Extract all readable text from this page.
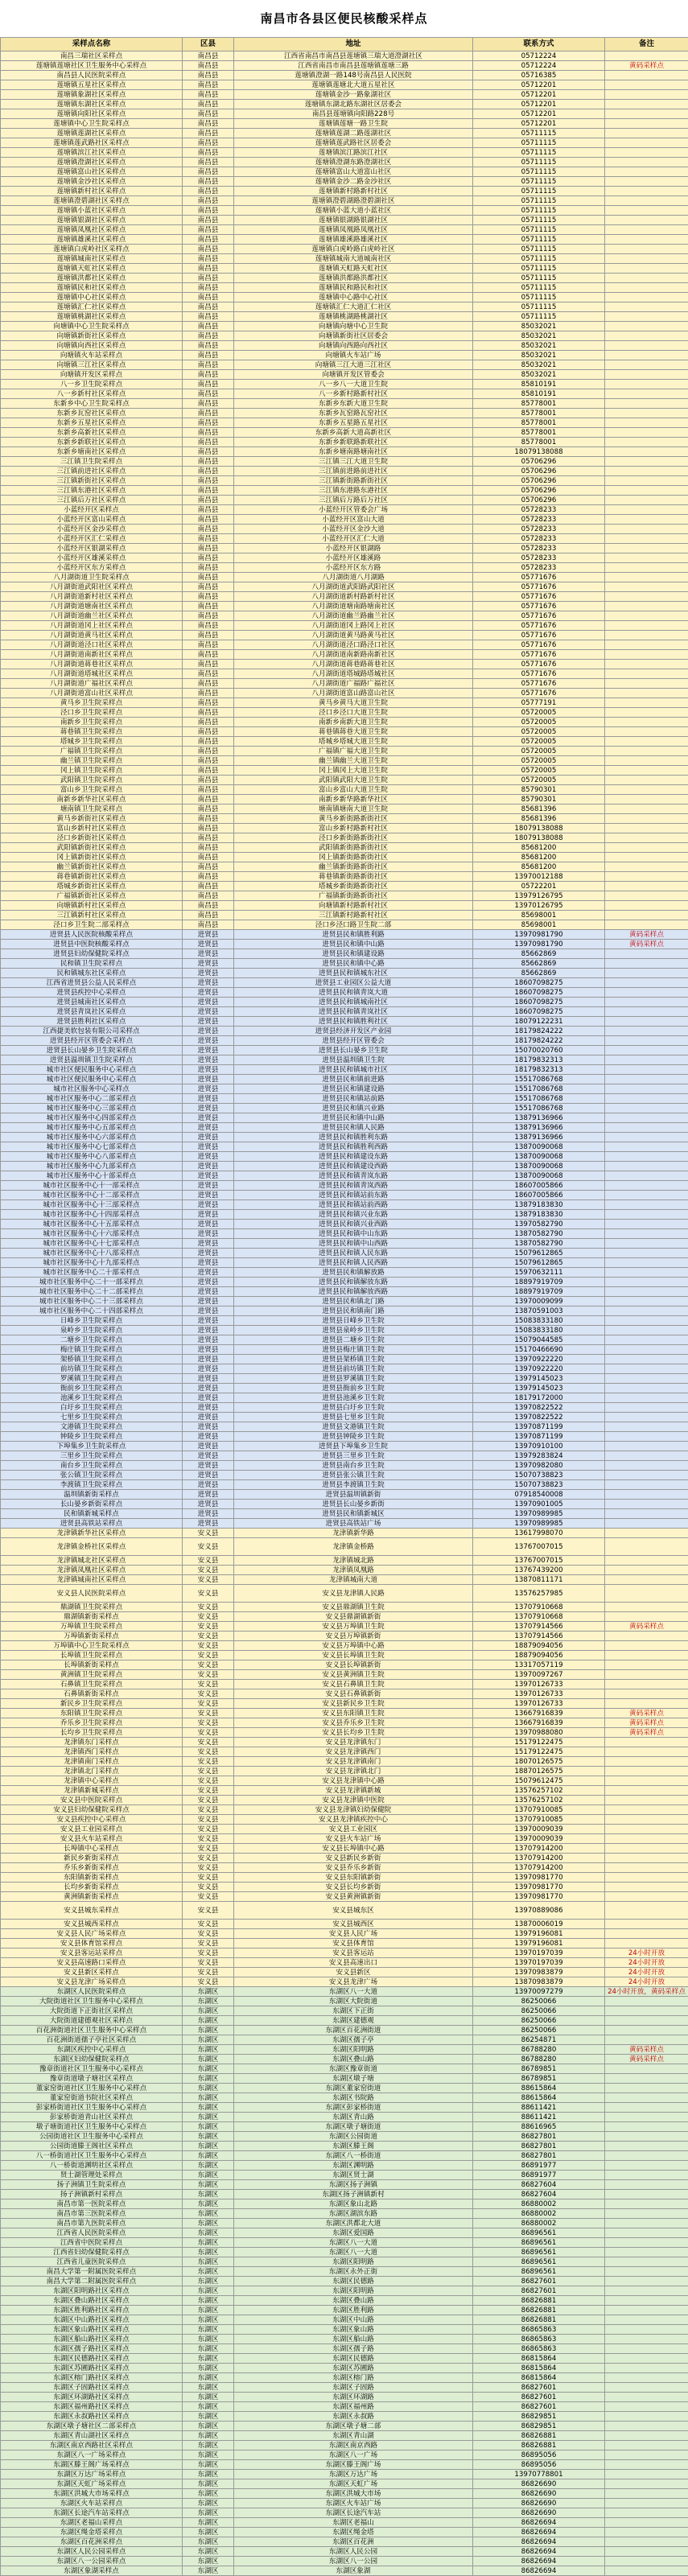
南昌市各县区便民核酸采样点
采样点名称	区县	地址	联系方式	备注
南昌三瑞社区采样点	南昌县	江西省南昌市南昌县莲塘镇三瑞大道澄湖社区	05712224	
莲塘镇莲塘社区卫生服务中心采样点	南昌县	江西省南昌市南昌县莲塘镇莲塘三路	05712224	黄码采样点
南昌县人民医院采样点	南昌县	莲塘镇澄湖一路148号南昌县人民医院	05716385	
莲塘镇五星社区采样点	南昌县	莲塘镇莲塘北大道五星社区	05712201	
莲塘镇象湖社区采样点	南昌县	莲塘镇金沙一路象湖社区	05712201	
莲塘镇东湖社区采样点	南昌县	莲塘镇东湖北路东湖社区居委会	05712201	
莲塘镇向阳社区采样点	南昌县	南昌县莲塘镇向阳路228号	05712201	
莲塘镇中心卫生院采样点	南昌县	莲塘镇莲塘一路卫生院	05712201	
莲塘镇莲湖社区采样点	南昌县	莲塘镇莲湖二路莲湖社区	05711115	
莲塘镇莲武路社区采样点	南昌县	莲塘镇莲武路社区居委会	05711115	
莲塘镇滨江社区采样点	南昌县	莲塘镇滨江路滨江社区	05711115	
莲塘镇澄湖社区采样点	南昌县	莲塘镇澄湖东路澄湖社区	05711115	
莲塘镇富山社区采样点	南昌县	莲塘镇富山大道富山社区	05711115	
莲塘镇金沙社区采样点	南昌县	莲塘镇金沙二路金沙社区	05711115	
莲塘镇新村社区采样点	南昌县	莲塘镇新村路新村社区	05711115	
莲塘镇澄碧湖社区采样点	南昌县	莲塘镇澄碧湖路澄碧湖社区	05711115	
莲塘镇小蓝社区采样点	南昌县	莲塘镇小蓝大道小蓝社区	05711115	
莲塘镇银湖社区采样点	南昌县	莲塘镇银湖路银湖社区	05711115	
莲塘镇凤凰社区采样点	南昌县	莲塘镇凤凰路凤凰社区	05711115	
莲塘镇雄溪社区采样点	南昌县	莲塘镇雄溪路雄溪社区	05711115	
莲塘镇白虎岭社区采样点	南昌县	莲塘镇白虎岭路白虎岭社区	05711115	
莲塘镇城南社区采样点	南昌县	莲塘镇城南大道城南社区	05711115	
莲塘镇天虹社区采样点	南昌县	莲塘镇天虹路天虹社区	05711115	
莲塘镇洪都社区采样点	南昌县	莲塘镇洪都路洪都社区	05711115	
莲塘镇民和社区采样点	南昌县	莲塘镇民和路民和社区	05711115	
莲塘镇中心社区采样点	南昌县	莲塘镇中心路中心社区	05711115	
莲塘镇汇仁社区采样点	南昌县	莲塘镇汇仁大道汇仁社区	05711115	
莲塘镇桃湖社区采样点	南昌县	莲塘镇桃湖路桃湖社区	05711115	
向塘镇中心卫生院采样点	南昌县	向塘镇向塘中心卫生院	85032021	
向塘镇新街社区采样点	南昌县	向塘镇新街社区居委会	85032021	
向塘镇向西社区采样点	南昌县	向塘镇向西路向西社区	85032021	
向塘镇火车站采样点	南昌县	向塘镇火车站广场	85032021	
向塘镇三江社区采样点	南昌县	向塘镇三江大道三江社区	85032021	
向塘镇开发区采样点	南昌县	向塘镇开发区管委会	85032021	
八一乡卫生院采样点	南昌县	八一乡八一大道卫生院	85810191	
八一乡新村社区采样点	南昌县	八一乡新村路新村社区	85810191	
东新乡中心卫生院采样点	南昌县	东新乡东新大道卫生院	85778001	
东新乡瓦窑社区采样点	南昌县	东新乡瓦窑路瓦窑社区	85778001	
东新乡五星社区采样点	南昌县	东新乡五星路五星社区	85778001	
东新乡高新社区采样点	南昌县	东新乡高新大道高新社区	85778001	
东新乡新联社区采样点	南昌县	东新乡新联路新联社区	85778001	
东新乡塘南社区采样点	南昌县	东新乡塘南路塘南社区	18079138088	
三江镇卫生院采样点	南昌县	三江镇三江大道卫生院	05706296	
三江镇前进社区采样点	南昌县	三江镇前进路前进社区	05706296	
三江镇新街社区采样点	南昌县	三江镇新街路新街社区	05706296	
三江镇东港社区采样点	南昌县	三江镇东港路东港社区	05706296	
三江镇后万社区采样点	南昌县	三江镇后万路后万社区	05706296	
小蓝经开区采样点	南昌县	小蓝经开区管委会广场	05728233	
小蓝经开区富山采样点	南昌县	小蓝经开区富山大道	05728233	
小蓝经开区金沙采样点	南昌县	小蓝经开区金沙大道	05728233	
小蓝经开区汇仁采样点	南昌县	小蓝经开区汇仁大道	05728233	
小蓝经开区银湖采样点	南昌县	小蓝经开区银湖路	05728233	
小蓝经开区雄溪采样点	南昌县	小蓝经开区雄溪路	05728233	
小蓝经开区东方采样点	南昌县	小蓝经开区东方路	05728233	
八月湖街道卫生院采样点	南昌县	八月湖街道八月湖路	05771676	
八月湖街道武阳社区采样点	南昌县	八月湖街道武阳路武阳社区	05771676	
八月湖街道新村社区采样点	南昌县	八月湖街道新村路新村社区	05771676	
八月湖街道塘南社区采样点	南昌县	八月湖街道塘南路塘南社区	05771676	
八月湖街道幽兰社区采样点	南昌县	八月湖街道幽兰路幽兰社区	05771676	
八月湖街道冈上社区采样点	南昌县	八月湖街道冈上路冈上社区	05771676	
八月湖街道黄马社区采样点	南昌县	八月湖街道黄马路黄马社区	05771676	
八月湖街道泾口社区采样点	南昌县	八月湖街道泾口路泾口社区	05771676	
八月湖街道南新社区采样点	南昌县	八月湖街道南新路南新社区	05771676	
八月湖街道蒋巷社区采样点	南昌县	八月湖街道蒋巷路蒋巷社区	05771676	
八月湖街道塔城社区采样点	南昌县	八月湖街道塔城路塔城社区	05771676	
八月湖街道广福社区采样点	南昌县	八月湖街道广福路广福社区	05771676	
八月湖街道富山社区采样点	南昌县	八月湖街道富山路富山社区	05771676	
黄马乡卫生院采样点	南昌县	黄马乡黄马大道卫生院	05777191	
泾口乡卫生院采样点	南昌县	泾口乡泾口大道卫生院	05720005	
南新乡卫生院采样点	南昌县	南新乡南新大道卫生院	05720005	
蒋巷镇卫生院采样点	南昌县	蒋巷镇蒋巷大道卫生院	05720005	
塔城乡卫生院采样点	南昌县	塔城乡塔城大道卫生院	05720005	
广福镇卫生院采样点	南昌县	广福镇广福大道卫生院	05720005	
幽兰镇卫生院采样点	南昌县	幽兰镇幽兰大道卫生院	05720005	
冈上镇卫生院采样点	南昌县	冈上镇冈上大道卫生院	05720005	
武阳镇卫生院采样点	南昌县	武阳镇武阳大道卫生院	05720005	
富山乡卫生院采样点	南昌县	富山乡富山大道卫生院	85790301	
南新乡新华社区采样点	南昌县	南新乡新华路新华社区	85790301	
塘南镇卫生院采样点	南昌县	塘南镇塘南大道卫生院	85681396	
黄马乡新街社区采样点	南昌县	黄马乡新街路新街社区	85681396	
富山乡新村社区采样点	南昌县	富山乡新村路新村社区	18079138088	
泾口乡新街社区采样点	南昌县	泾口乡新街路新街社区	18079138088	
武阳镇新街社区采样点	南昌县	武阳镇新街路新街社区	85681200	
冈上镇新街社区采样点	南昌县	冈上镇新街路新街社区	85681200	
幽兰镇新街社区采样点	南昌县	幽兰镇新街路新街社区	85681200	
蒋巷镇新街社区采样点	南昌县	蒋巷镇新街路新街社区	13970012188	
塔城乡新街社区采样点	南昌县	塔城乡新街路新街社区	05722201	
广福镇新街社区采样点	南昌县	广福镇新街路新街社区	13979126795	
向塘镇新村社区采样点	南昌县	向塘镇新村路新村社区	13970126795	
三江镇新村社区采样点	南昌县	三江镇新村路新村社区	85698001	
泾口乡卫生院二部采样点	南昌县	泾口乡泾口路卫生院二部	85698001	
进贤县人民医院核酸采样点	进贤县	进贤县民和镇胜利路	13970981790	黄码采样点
进贤县中医院核酸采样点	进贤县	进贤县民和镇中山路	13970981790	黄码采样点
进贤县妇幼保健院采样点	进贤县	进贤县民和镇建设路	85662869	
民和镇卫生院采样点	进贤县	进贤县民和镇中心路	85662869	
民和镇城东社区采样点	进贤县	进贤县民和镇城东社区	85662869	
江西省进贤县公益人民采样点	进贤县	进贤县工业园区公益大道	18607098275	
进贤县疾控中心采样点	进贤县	进贤县民和镇青岚大道	18607098275	
进贤县城南社区采样点	进贤县	进贤县民和镇城南社区	18607098275	
进贤县青岚社区采样点	进贤县	进贤县民和镇青岚社区	18607098275	
进贤县胜利社区采样点	进贤县	进贤县民和镇胜利社区	18079122231	
江西捷美软包装有限公司采样点	进贤县	进贤县经济开发区产业园	18179824222	
进贤县经开区管委会采样点	进贤县	进贤县经开区管委会	18179824222	
进贤县长山晏乡卫生院采样点	进贤县	进贤县长山晏乡卫生院	15070020760	
进贤县温圳镇卫生院采样点	进贤县	进贤县温圳镇卫生院	18179832313	
城市社区便民服务中心采样点	进贤县	进贤县民和镇城市社区	18179832313	
城市社区便民服务中心采样点	进贤县	进贤县民和镇前进路	15517086768	
城市社区服务中心采样点	进贤县	进贤县民和镇建设路	15517086768	
城市社区服务中心二部采样点	进贤县	进贤县民和镇站前路	15517086768	
城市社区服务中心三部采样点	进贤县	进贤县民和镇兴业路	15517086768	
城市社区服务中心四部采样点	进贤县	进贤县民和镇中山路	13879136966	
城市社区服务中心五部采样点	进贤县	进贤县民和镇人民路	13879136966	
城市社区服务中心六部采样点	进贤县	进贤县民和镇胜利东路	13879136966	
城市社区服务中心七部采样点	进贤县	进贤县民和镇胜利西路	13870090068	
城市社区服务中心八部采样点	进贤县	进贤县民和镇建设东路	13870090068	
城市社区服务中心九部采样点	进贤县	进贤县民和镇建设西路	13870090068	
城市社区服务中心十部采样点	进贤县	进贤县民和镇青岚东路	13870090068	
城市社区服务中心十一部采样点	进贤县	进贤县民和镇青岚西路	18607005866	
城市社区服务中心十二部采样点	进贤县	进贤县民和镇站前东路	18607005866	
城市社区服务中心十三部采样点	进贤县	进贤县民和镇站前西路	13879183830	
城市社区服务中心十四部采样点	进贤县	进贤县民和镇兴业东路	13879183830	
城市社区服务中心十五部采样点	进贤县	进贤县民和镇兴业西路	13970582790	
城市社区服务中心十六部采样点	进贤县	进贤县民和镇中山东路	13870582790	
城市社区服务中心十七部采样点	进贤县	进贤县民和镇中山西路	13870582790	
城市社区服务中心十八部采样点	进贤县	进贤县民和镇人民东路	15079612865	
城市社区服务中心十九部采样点	进贤县	进贤县民和镇人民西路	15079612865	
城市社区服务中心二十部采样点	进贤县	进贤县民和镇解放路	15970632111	
城市社区服务中心二十一部采样点	进贤县	进贤县民和镇解放东路	18897919709	
城市社区服务中心二十二部采样点	进贤县	进贤县民和镇解放西路	18897919709	
城市社区服务中心二十三部采样点	进贤县	进贤县民和镇北门路	13970009099	
城市社区服务中心二十四部采样点	进贤县	进贤县民和镇南门路	13870591003	
日峰乡卫生院采样点	进贤县	进贤县日峰乡卫生院	15083833180	
泉岭乡卫生院采样点	进贤县	进贤县泉岭乡卫生院	15083833180	
二塘乡卫生院采样点	进贤县	进贤县二塘乡卫生院	15079044585	
梅庄镇卫生院采样点	进贤县	进贤县梅庄镇卫生院	15170466690	
架桥镇卫生院采样点	进贤县	进贤县架桥镇卫生院	13970922220	
前坊镇卫生院采样点	进贤县	进贤县前坊镇卫生院	13970922220	
罗溪镇卫生院采样点	进贤县	进贤县罗溪镇卫生院	13979145023	
衙前乡卫生院采样点	进贤县	进贤县衙前乡卫生院	13979145023	
池溪乡卫生院采样点	进贤县	进贤县池溪乡卫生院	18179172000	
白圩乡卫生院采样点	进贤县	进贤县白圩乡卫生院	13970822522	
七里乡卫生院采样点	进贤县	进贤县七里乡卫生院	13970822522	
文港镇卫生院采样点	进贤县	进贤县文港镇卫生院	13970871199	
钟陵乡卫生院采样点	进贤县	进贤县钟陵乡卫生院	13970871199	
下埠集乡卫生院采样点	进贤县	进贤县下埠集乡卫生院	13970910100	
三里乡卫生院采样点	进贤县	进贤县三里乡卫生院	13979283824	
南台乡卫生院采样点	进贤县	进贤县南台乡卫生院	13970982080	
张公镇卫生院采样点	进贤县	进贤县张公镇卫生院	15070738823	
李渡镇卫生院采样点	进贤县	进贤县李渡镇卫生院	15070738823	
温圳镇新街采样点	进贤县	进贤县温圳镇新街	07918540008	
长山晏乡新街采样点	进贤县	进贤县长山晏乡新街	13970901005	
民和镇新城采样点	进贤县	进贤县民和镇新城区	13970989985	
进贤县高铁站采样点	进贤县	进贤县高铁站广场	13970989985	
龙津镇新华社区采样点	安义县	龙津镇新华路	13617998070	
龙津镇金桥社区采样点	安义县	龙津镇金桥路	13767007015	
龙津镇城北社区采样点	安义县	龙津镇城北路	13767007015	
龙津镇凤凰社区采样点	安义县	龙津镇凤凰路	13767439200	
龙津镇城南社区采样点	安义县	龙津镇城南大道	13870811171	
安义县人民医院采样点	安义县	安义县龙津镇人民路	13576257985	
鼎湖镇卫生院采样点	安义县	安义县鼎湖镇卫生院	13707910668	
鼎湖镇新街采样点	安义县	安义县鼎湖镇新街	13707910668	
万埠镇卫生院采样点	安义县	安义县万埠镇卫生院	13707914566	黄码采样点
万埠镇新街采样点	安义县	安义县万埠镇新街	13707914566	
万埠镇中心卫生院采样点	安义县	安义县万埠镇中心路	18879094056	
长埠镇卫生院采样点	安义县	安义县长埠镇卫生院	18879094056	
长埠镇新街采样点	安义县	安义县长埠镇新街	13317057119	
黄洲镇卫生院采样点	安义县	安义县黄洲镇卫生院	13970097267	
石鼻镇卫生院采样点	安义县	安义县石鼻镇卫生院	13970126733	
石鼻镇新街采样点	安义县	安义县石鼻镇新街	13970126733	
新民乡卫生院采样点	安义县	安义县新民乡卫生院	13970126733	
东阳镇卫生院采样点	安义县	安义县东阳镇卫生院	13667916839	黄码采样点
乔乐乡卫生院采样点	安义县	安义县乔乐乡卫生院	13667916839	黄码采样点
长均乡卫生院采样点	安义县	安义县长均乡卫生院	13970988080	黄码采样点
龙津镇东门采样点	安义县	安义县龙津镇东门	15179122475	
龙津镇西门采样点	安义县	安义县龙津镇西门	15179122475	
龙津镇南门采样点	安义县	安义县龙津镇南门	18070126575	
龙津镇北门采样点	安义县	安义县龙津镇北门	18870126575	
龙津镇中心采样点	安义县	安义县龙津镇中心路	15079612475	
龙津镇新城采样点	安义县	安义县龙津镇新城	13576257102	
安义县中医院采样点	安义县	安义县龙津镇中医院	13576257102	
安义县妇幼保健院采样点	安义县	安义县龙津镇妇幼保健院	13707910085	
安义县疾控中心采样点	安义县	安义县龙津镇疾控中心	13707910085	
安义县工业园采样点	安义县	安义县工业园区	13970009039	
安义县火车站采样点	安义县	安义县火车站广场	13970009039	
长埠镇中心采样点	安义县	安义县长埠镇中心路	13707914200	
新民乡新街采样点	安义县	安义县新民乡新街	13707914200	
乔乐乡新街采样点	安义县	安义县乔乐乡新街	13707914200	
东阳镇新街采样点	安义县	安义县东阳镇新街	13970981770	
长均乡新街采样点	安义县	安义县长均乡新街	13970981770	
黄洲镇新街采样点	安义县	安义县黄洲镇新街	13970981770	
安义县城东采样点	安义县	安义县城东区	13970889086	
安义县城西采样点	安义县	安义县城西区	13870006019	
安义县人民广场采样点	安义县	安义县人民广场	13979196081	
安义县体育馆采样点	安义县	安义县体育馆	13979196081	
安义县客运站采样点	安义县	安义县客运站	13970197039	24小时开放
安义县高速路口采样点	安义县	安义县高速出口	13970197039	24小时开放
安义县新区采样点	安义县	安义县新区	13970983879	24小时开放
安义县龙津广场采样点	安义县	安义县龙津广场	13870983879	24小时开放
东湖区人民医院采样点	东湖区	东湖区八一大道	13970097279	24小时开放，黄码采样点
大院街道社区卫生服务中心采样点	东湖区	东湖区大院街道	86250066	
大院街道下正街社区采样点	东湖区	东湖区下正街	86250066	
大院街道建德观社区采样点	东湖区	东湖区建德观	86250066	
百花洲街道社区卫生服务中心采样点	东湖区	东湖区百花洲街道	86250066	
百花洲街道孺子亭社区采样点	东湖区	东湖区孺子亭	86254871	
东湖区疾控中心采样点	东湖区	东湖区阳明路	86788280	黄码采样点
东湖区妇幼保健院采样点	东湖区	东湖区叠山路	86788280	黄码采样点
豫章街道社区卫生服务中心采样点	东湖区	东湖区豫章街道	86789851	
豫章街道墩子塘社区采样点	东湖区	东湖区墩子塘	86789851	
董家窑街道社区卫生服务中心采样点	东湖区	东湖区董家窑街道	88615864	
董家窑街道书院社区采样点	东湖区	东湖区书院路	88615864	
彭家桥街道社区卫生服务中心采样点	东湖区	东湖区彭家桥街道	88611421	
彭家桥街道青山社区采样点	东湖区	东湖区青山路	88611421	
墩子塘街道社区卫生服务中心采样点	东湖区	东湖区墩子塘街道	88616965	
公园街道社区卫生服务中心采样点	东湖区	东湖区公园街道	86827801	
公园街道滕王阁社区采样点	东湖区	东湖区滕王阁	86827801	
八一桥街道社区卫生服务中心采样点	东湖区	东湖区八一桥街道	86827801	
八一桥街道渊明社区采样点	东湖区	东湖区渊明路	86891977	
贤士湖管理处采样点	东湖区	东湖区贤士湖	86891977	
扬子洲镇卫生院采样点	东湖区	东湖区扬子洲镇	86827604	
扬子洲镇新村采样点	东湖区	东湖区扬子洲镇新村	86827604	
南昌市第一医院采样点	东湖区	东湖区象山北路	86880002	
南昌市第三医院采样点	东湖区	东湖区湖滨东路	86880002	
南昌市第九医院采样点	东湖区	东湖区洪都北大道	86880002	
江西省人民医院采样点	东湖区	东湖区爱国路	86896561	
江西省中医院采样点	东湖区	东湖区八一大道	86896561	
江西省妇幼保健院采样点	东湖区	东湖区八一大道	86896561	
江西省儿童医院采样点	东湖区	东湖区阳明路	86896561	
南昌大学第一附属医院采样点	东湖区	东湖区永外正街	86896561	
南昌大学第二附属医院采样点	东湖区	东湖区民德路	86827601	
东湖区阳明路社区采样点	东湖区	东湖区阳明路	86827601	
东湖区叠山路社区采样点	东湖区	东湖区叠山路	86826881	
东湖区胜利路社区采样点	东湖区	东湖区胜利路	86826881	
东湖区中山路社区采样点	东湖区	东湖区中山路	86826881	
东湖区象山路社区采样点	东湖区	东湖区象山路	86865863	
东湖区船山路社区采样点	东湖区	东湖区船山路	86865863	
东湖区孺子路社区采样点	东湖区	东湖区孺子路	86865863	
东湖区民德路社区采样点	东湖区	东湖区民德路	86815864	
东湖区苏圃路社区采样点	东湖区	东湖区苏圃路	86815864	
东湖区榕门路社区采样点	东湖区	东湖区榕门路	86815864	
东湖区子固路社区采样点	东湖区	东湖区子固路	86827601	
东湖区环湖路社区采样点	东湖区	东湖区环湖路	86827601	
东湖区福州路社区采样点	东湖区	东湖区福州路	86827601	
东湖区永叔路社区采样点	东湖区	东湖区永叔路	86829851	
东湖区墩子塘社区二部采样点	东湖区	东湖区墩子塘二部	86829851	
东湖区青山湖社区采样点	东湖区	东湖区青山湖	86826881	
东湖区南京西路社区采样点	东湖区	东湖区南京西路	86826881	
东湖区八一广场采样点	东湖区	东湖区八一广场	86895056	
东湖区滕王阁广场采样点	东湖区	东湖区滕王阁广场	86895056	
东湖区万达广场采样点	东湖区	东湖区万达广场	13970778801	
东湖区天虹广场采样点	东湖区	东湖区天虹广场	86826690	
东湖区洪城大市场采样点	东湖区	东湖区洪城大市场	86826690	
东湖区火车站采样点	东湖区	东湖区火车站广场	86826690	
东湖区长途汽车站采样点	东湖区	东湖区长途汽车站	86826690	
东湖区老福山采样点	东湖区	东湖区老福山	86826694	
东湖区绳金塔采样点	东湖区	东湖区绳金塔	86826694	
东湖区百花洲采样点	东湖区	东湖区百花洲	86826694	
东湖区人民公园采样点	东湖区	东湖区人民公园	86826694	
东湖区八一公园采样点	东湖区	东湖区八一公园	86826694	
东湖区象湖采样点	东湖区	东湖区象湖	86826694	
